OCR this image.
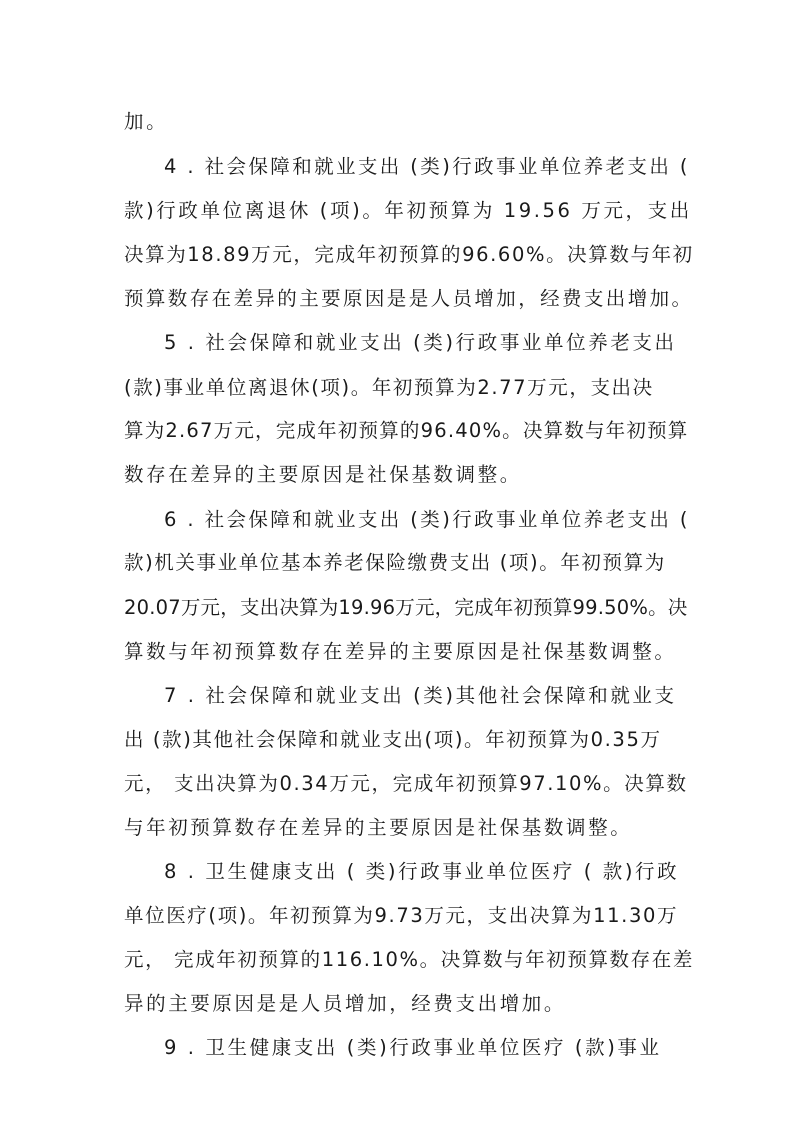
加。
4 . 社会保障和就业支出 (类)行政事业单位养老支出 (
款)行政单位离退休 (项)。年初预算为 19.56 万元，支出
决算为18.89万元，完成年初预算的96.60%。决算数与年初
预算数存在差异的主要原因是是人员增加，经费支出增加。
5 . 社会保障和就业支出 (类)行政事业单位养老支出
(款)事业单位离退休(项)。年初预算为2.77万元，支出决
算为2.67万元，完成年初预算的96.40%。决算数与年初预算
数存在差异的主要原因是社保基数调整。
6 . 社会保障和就业支出 (类)行政事业单位养老支出 (
款)机关事业单位基本养老保险缴费支出 (项)。年初预算为
20.07万元，支出决算为19.96万元，完成年初预算99.50%。决
算数与年初预算数存在差异的主要原因是社保基数调整。
7 . 社会保障和就业支出 (类)其他社会保障和就业支
出 (款)其他社会保障和就业支出(项)。年初预算为0.35万
元， 支出决算为0.34万元，完成年初预算97.10%。决算数
与年初预算数存在差异的主要原因是社保基数调整。
8 . 卫生健康支出 ( 类)行政事业单位医疗 ( 款)行政
单位医疗(项)。年初预算为9.73万元，支出决算为11.30万
元， 完成年初预算的116.10%。决算数与年初预算数存在差
异的主要原因是是人员增加，经费支出增加。
9 . 卫生健康支出 (类)行政事业单位医疗 (款)事业
